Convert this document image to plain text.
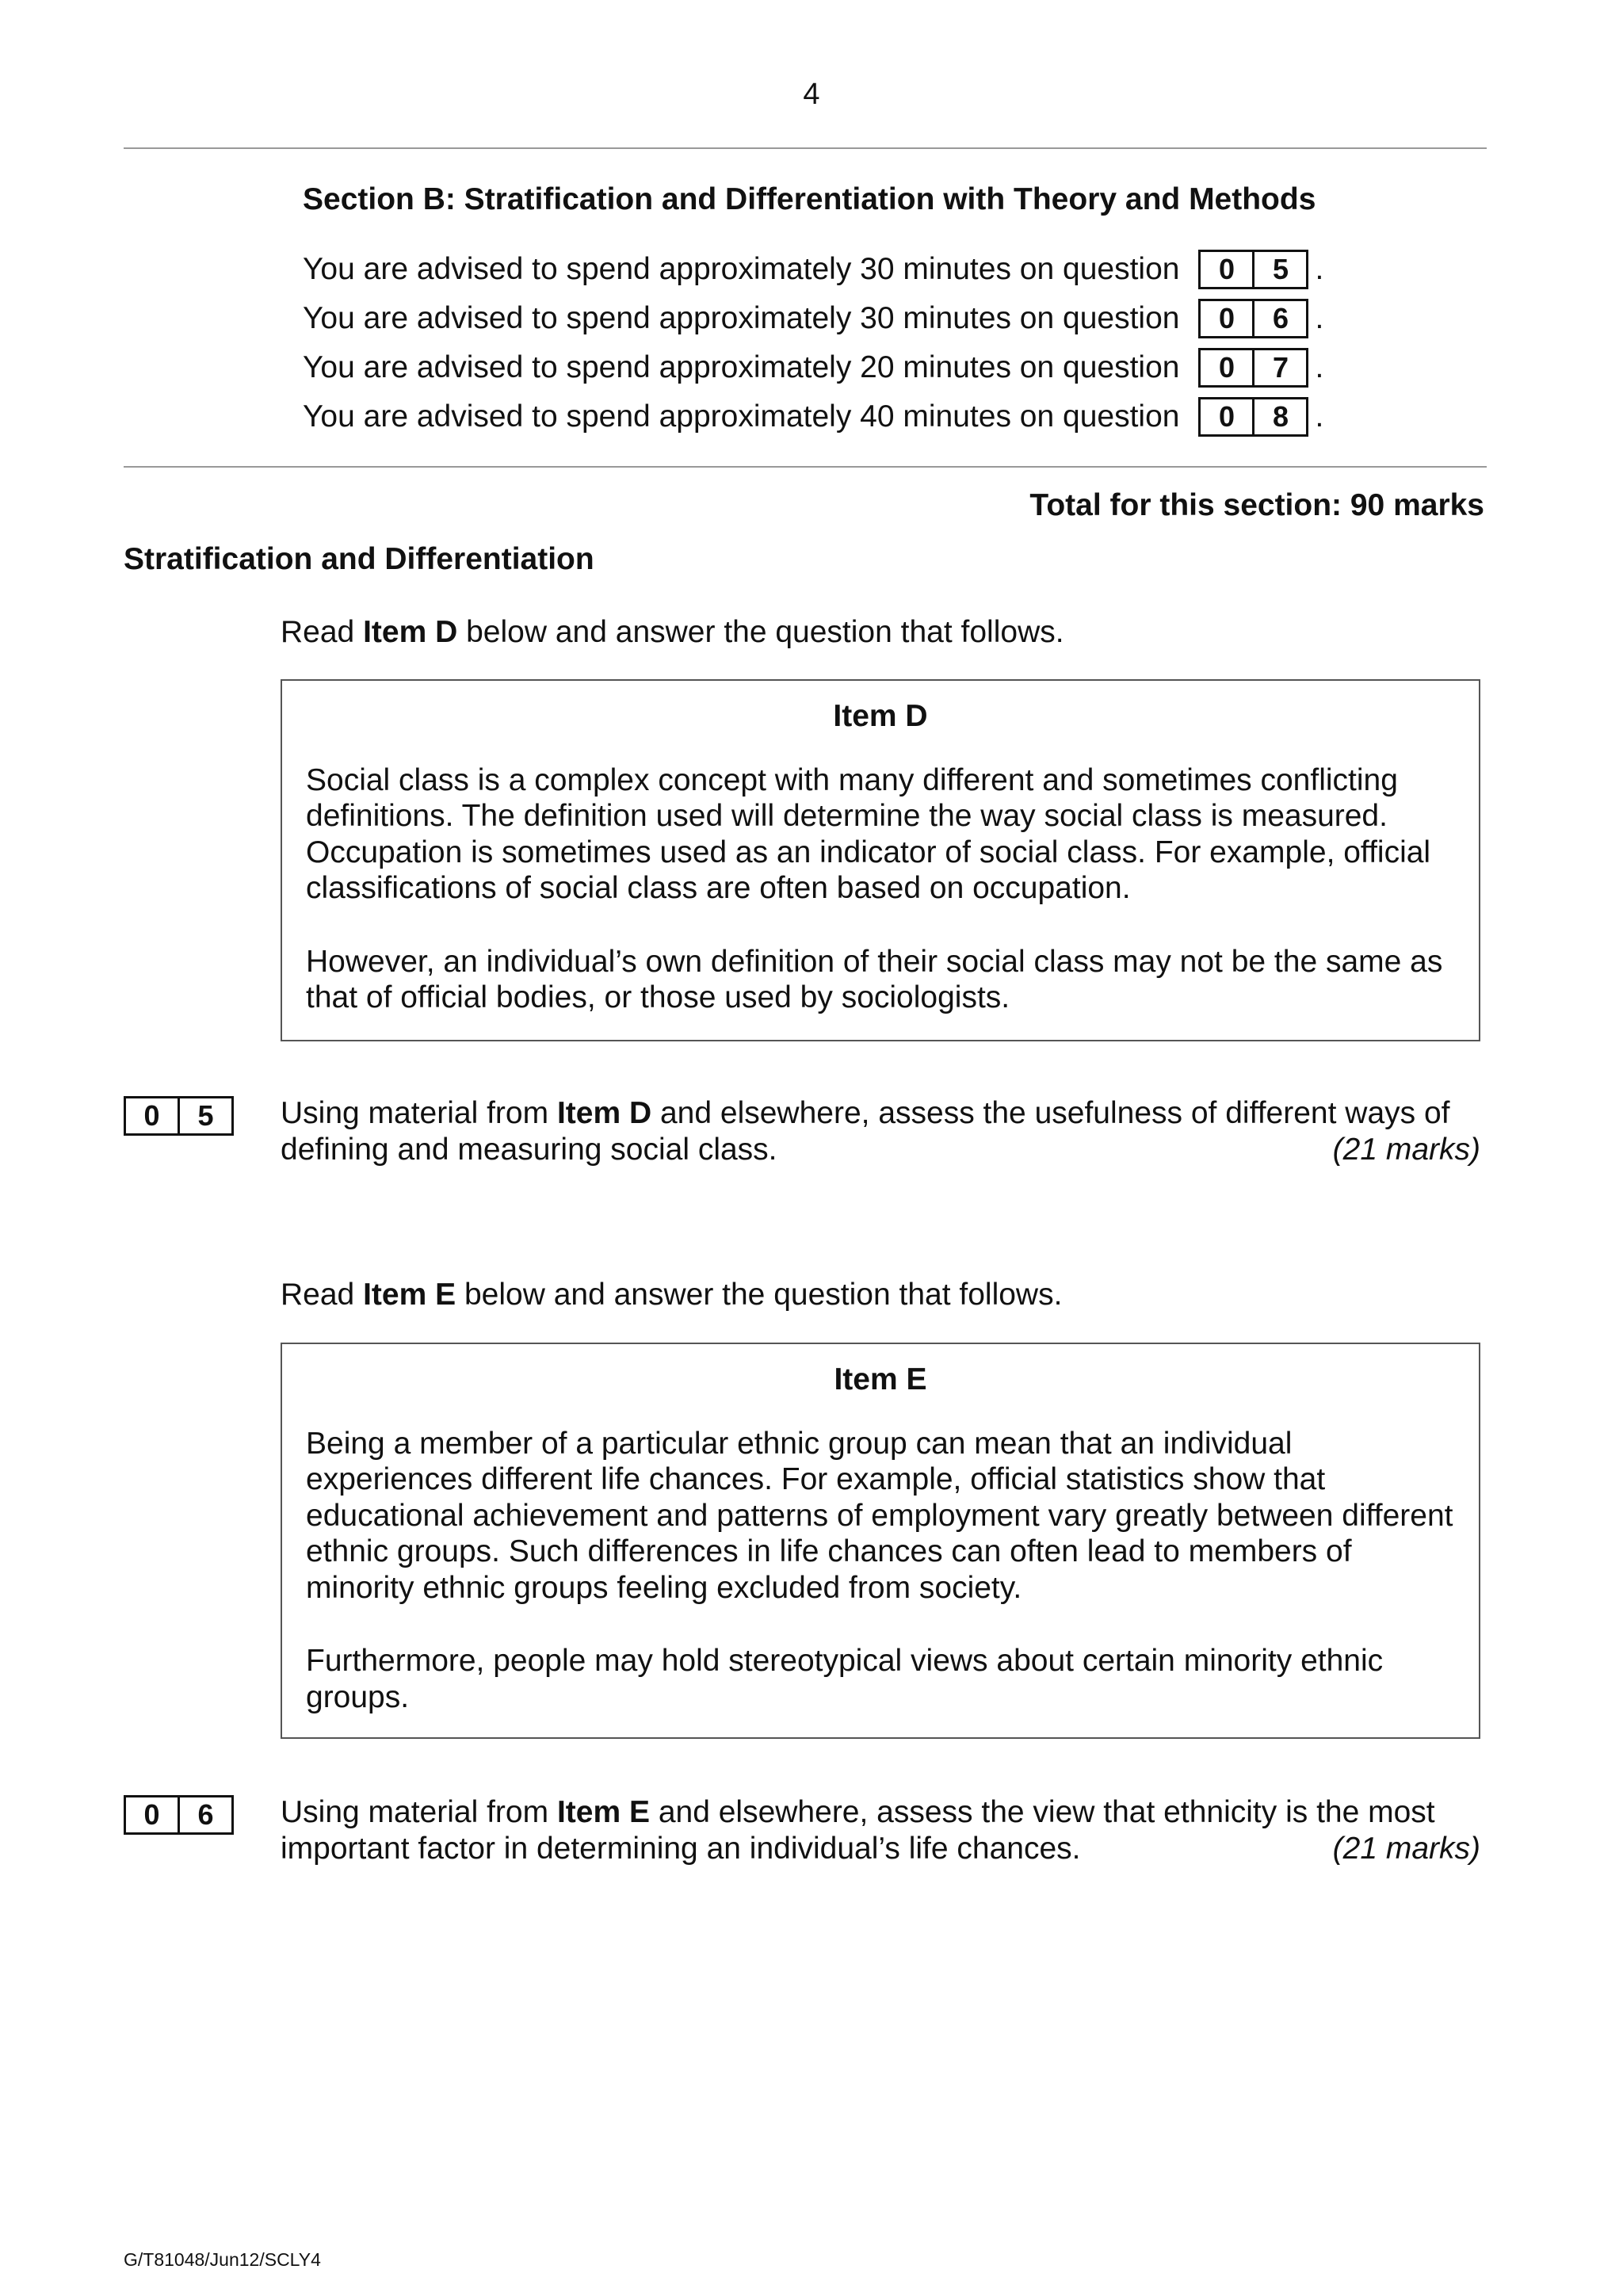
4
Section B: Stratification and Differentiation with Theory and Methods
You are advised to spend approximately 30 minutes on question	0	5 .
You are advised to spend approximately 30 minutes on question	0	6 .
You are advised to spend approximately 20 minutes on question	0	7 .
You are advised to spend approximately 40 minutes on question	0	8 .
Total for this section: 90 marks
Stratification and Differentiation
Read Item D below and answer the question that follows.
Item D

Social class is a complex concept with many different and sometimes conflicting definitions. The definition used will determine the way social class is measured. Occupation is sometimes used as an indicator of social class. For example, official classifications of social class are often based on occupation.

However, an individual’s own definition of their social class may not be the same as that of official bodies, or those used by sociologists.

0	5	Using material from Item D and elsewhere, assess the usefulness of different ways of defining and measuring social class.	(21 marks)
Read Item E below and answer the question that follows.
Item E

Being a member of a particular ethnic group can mean that an individual experiences different life chances. For example, official statistics show that educational achievement and patterns of employment vary greatly between different ethnic groups. Such differences in life chances can often lead to members of minority ethnic groups feeling excluded from society.

Furthermore, people may hold stereotypical views about certain minority ethnic groups.

0	6	Using material from Item E and elsewhere, assess the view that ethnicity is the most important factor in determining an individual’s life chances.	(21 marks)
G/T81048/Jun12/SCLY4
